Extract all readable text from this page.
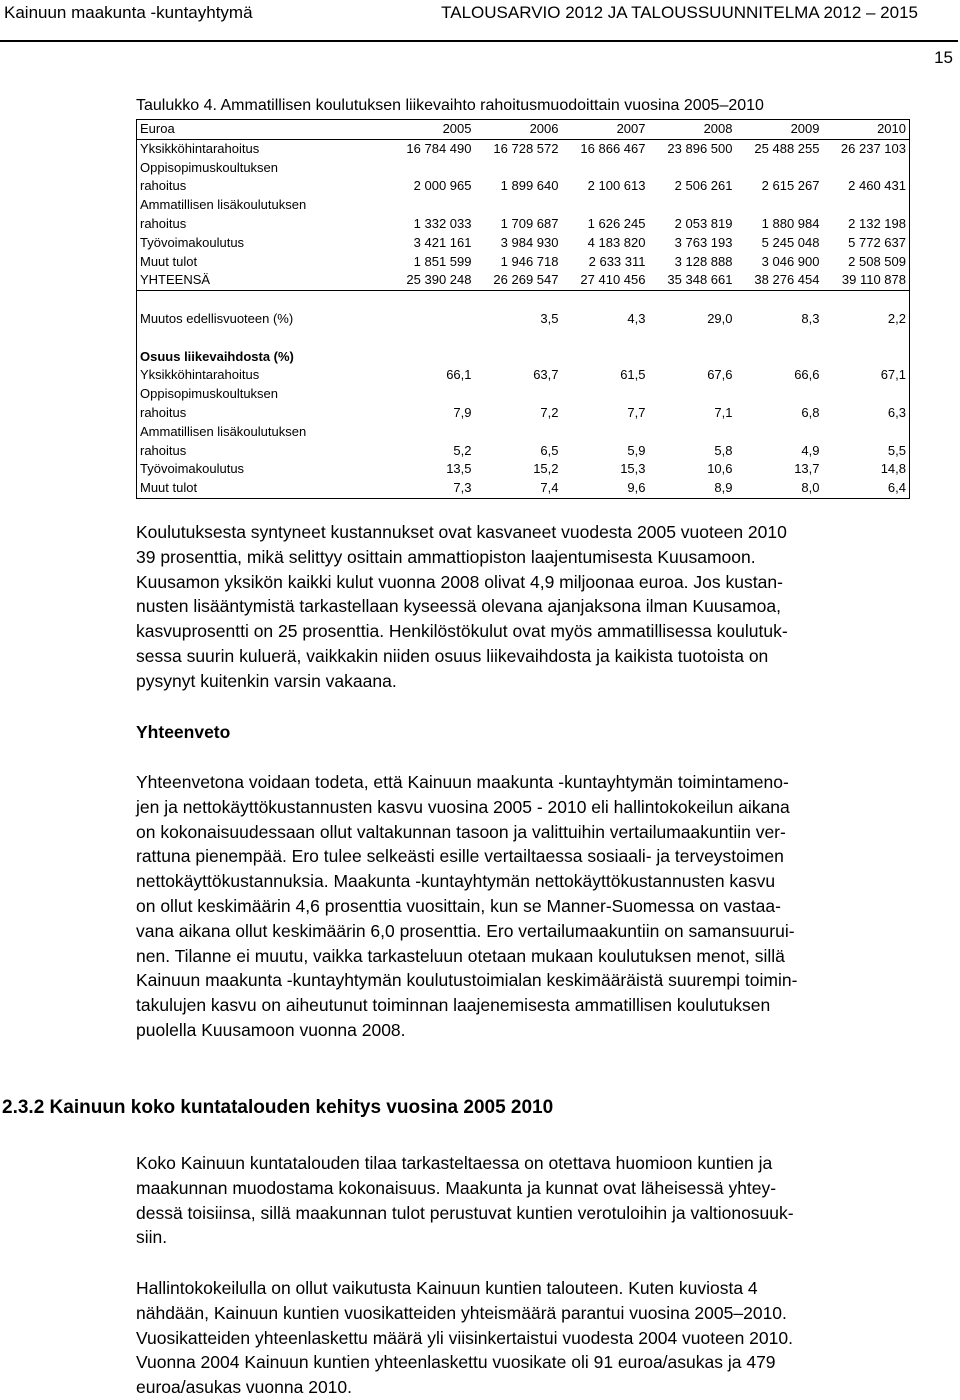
Kainuun maakunta -kuntayhtymä	TALOUSARVIO 2012 JA TALOUSSUUNNITELMA 2012 – 2015
15
Taulukko 4. Ammatillisen koulutuksen liikevaihto rahoitusmuodoittain vuosina 2005–2010
Euroa	2005	2006	2007	2008	2009	2010
Yksikköhintarahoitus	16 784 490	16 728 572	16 866 467	23 896 500	25 488 255	26 237 103
Oppisopimuskoultuksen						
rahoitus	2 000 965	1 899 640	2 100 613	2 506 261	2 615 267	2 460 431
Ammatillisen lisäkoulutuksen						
rahoitus	1 332 033	1 709 687	1 626 245	2 053 819	1 880 984	2 132 198
Työvoimakoulutus	3 421 161	3 984 930	4 183 820	3 763 193	5 245 048	5 772 637
Muut tulot	1 851 599	1 946 718	2 633 311	3 128 888	3 046 900	2 508 509
YHTEENSÄ	25 390 248	26 269 547	27 410 456	35 348 661	38 276 454	39 110 878

Muutos edellisvuoteen (%)		3,5	4,3	29,0	8,3	2,2

Osuus liikevaihdosta (%)						
Yksikköhintarahoitus	66,1	63,7	61,5	67,6	66,6	67,1
Oppisopimuskoultuksen						
rahoitus	7,9	7,2	7,7	7,1	6,8	6,3
Ammatillisen lisäkoulutuksen						
rahoitus	5,2	6,5	5,9	5,8	4,9	5,5
Työvoimakoulutus	13,5	15,2	15,3	10,6	13,7	14,8
Muut tulot	7,3	7,4	9,6	8,9	8,0	6,4
Koulutuksesta syntyneet kustannukset ovat kasvaneet vuodesta 2005 vuoteen 2010
39 prosenttia, mikä selittyy osittain ammattiopiston laajentumisesta Kuusamoon.
Kuusamon yksikön kaikki kulut vuonna 2008 olivat 4,9 miljoonaa euroa. Jos kustan-
nusten lisääntymistä tarkastellaan kyseessä olevana ajanjaksona ilman Kuusamoa,
kasvuprosentti on 25 prosenttia. Henkilöstökulut ovat myös ammatillisessa koulutuk-
sessa suurin kuluerä, vaikkakin niiden osuus liikevaihdosta ja kaikista tuotoista on
pysynyt kuitenkin varsin vakaana.
Yhteenveto
Yhteenvetona voidaan todeta, että Kainuun maakunta -kuntayhtymän toimintameno-
jen ja nettokäyttökustannusten kasvu vuosina 2005 - 2010 eli hallintokokeilun aikana
on kokonaisuudessaan ollut valtakunnan tasoon ja valittuihin vertailumaakuntiin ver-
rattuna pienempää. Ero tulee selkeästi esille vertailtaessa sosiaali- ja terveystoimen
nettokäyttökustannuksia. Maakunta -kuntayhtymän nettokäyttökustannusten kasvu
on ollut keskimäärin 4,6 prosenttia vuosittain, kun se Manner-Suomessa on vastaa-
vana aikana ollut keskimäärin 6,0 prosenttia. Ero vertailumaakuntiin on samansuurui-
nen. Tilanne ei muutu, vaikka tarkasteluun otetaan mukaan koulutuksen menot, sillä
Kainuun maakunta -kuntayhtymän koulutustoimialan keskimääräistä suurempi toimin-
takulujen kasvu on aiheutunut toiminnan laajenemisesta ammatillisen koulutuksen
puolella Kuusamoon vuonna 2008.
2.3.2 Kainuun koko kuntatalouden kehitys vuosina 2005 2010
Koko Kainuun kuntatalouden tilaa tarkasteltaessa on otettava huomioon kuntien ja
maakunnan muodostama kokonaisuus. Maakunta ja kunnat ovat läheisessä yhtey-
dessä toisiinsa, sillä maakunnan tulot perustuvat kuntien verotuloihin ja valtionosuuk-
siin.
Hallintokokeilulla on ollut vaikutusta Kainuun kuntien talouteen. Kuten kuviosta 4
nähdään, Kainuun kuntien vuosikatteiden yhteismäärä parantui vuosina 2005–2010.
Vuosikatteiden yhteenlaskettu määrä yli viisinkertaistui vuodesta 2004 vuoteen 2010.
Vuonna 2004 Kainuun kuntien yhteenlaskettu vuosikate oli 91 euroa/asukas ja 479
euroa/asukas vuonna 2010.
